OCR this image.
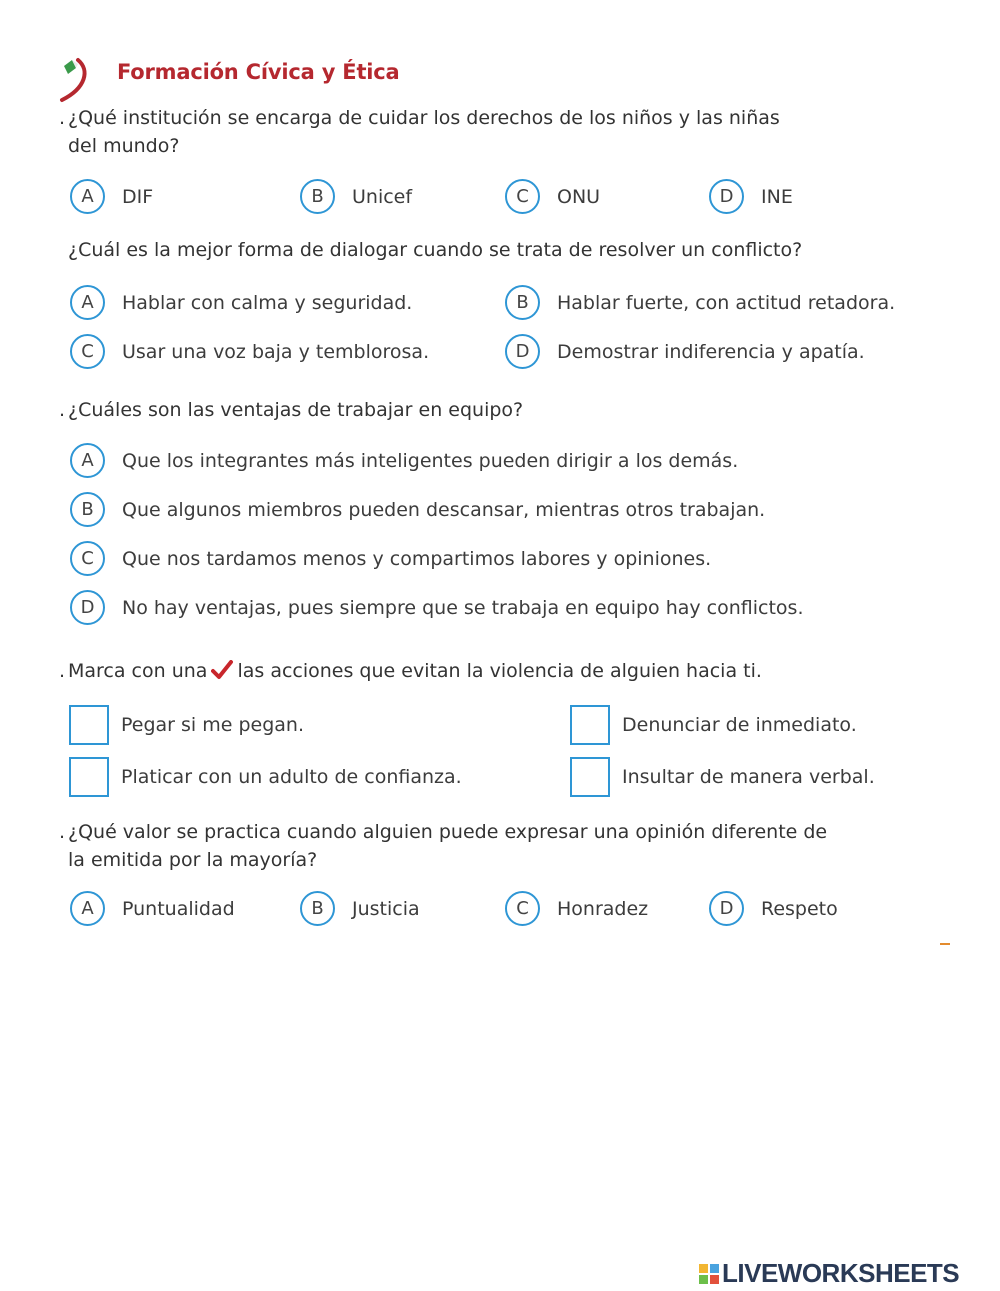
Formación Cívica y Ética
. ¿Qué institución se encarga de cuidar los derechos de los niños y las niñas
del mundo?
A	DIF	B	Unicef	C	ONU	D	INE
¿Cuál es la mejor forma de dialogar cuando se trata de resolver un conflicto?
A	Hablar con calma y seguridad.	B	Hablar fuerte, con actitud retadora.
C	Usar una voz baja y temblorosa.	D	Demostrar indiferencia y apatía.
. ¿Cuáles son las ventajas de trabajar en equipo?
A	Que los integrantes más inteligentes pueden dirigir a los demás.
B	Que algunos miembros pueden descansar, mientras otros trabajan.
C	Que nos tardamos menos y compartimos labores y opiniones.
D	No hay ventajas, pues siempre que se trabaja en equipo hay conflictos.
. Marca con una las acciones que evitan la violencia de alguien hacia ti.
Pegar si me pegan.	Denunciar de inmediato.
Platicar con un adulto de confianza.	Insultar de manera verbal.
. ¿Qué valor se practica cuando alguien puede expresar una opinión diferente de
la emitida por la mayoría?
A	Puntualidad	B	Justicia	C	Honradez	D	Respeto
LIVEWORKSHEETS
